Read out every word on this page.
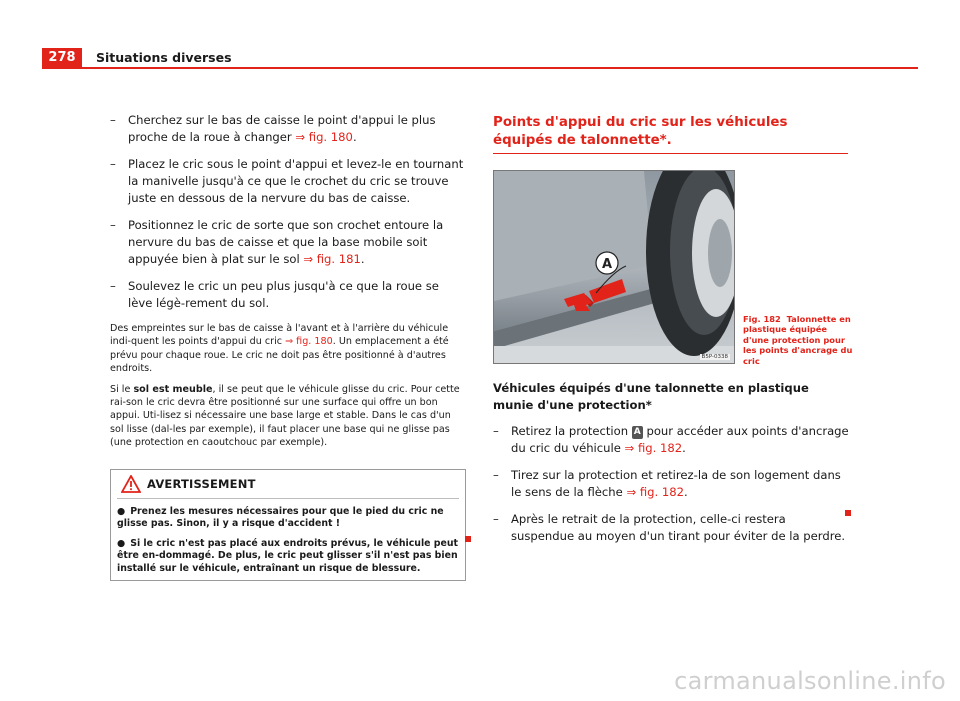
278	Situations diverses
– Cherchez sur le bas de caisse le point d'appui le plus proche de la roue à changer ⇒ fig. 180.
– Placez le cric sous le point d'appui et levez-le en tournant la manivelle jusqu'à ce que le crochet du cric se trouve juste en dessous de la nervure du bas de caisse.
– Positionnez le cric de sorte que son crochet entoure la nervure du bas de caisse et que la base mobile soit appuyée bien à plat sur le sol ⇒ fig. 181.
– Soulevez le cric un peu plus jusqu'à ce que la roue se lève légè-rement du sol.
Des empreintes sur le bas de caisse à l'avant et à l'arrière du véhicule indi-quent les points d'appui du cric ⇒ fig. 180. Un emplacement a été prévu pour chaque roue. Le cric ne doit pas être positionné à d'autres endroits.
Si le sol est meuble, il se peut que le véhicule glisse du cric. Pour cette rai-son le cric devra être positionné sur une surface qui offre un bon appui. Uti-lisez si nécessaire une base large et stable. Dans le cas d'un sol lisse (dal-les par exemple), il faut placer une base qui ne glisse pas (une protection en caoutchouc par exemple).
AVERTISSEMENT
● Prenez les mesures nécessaires pour que le pied du cric ne glisse pas. Sinon, il y a risque d'accident !
● Si le cric n'est pas placé aux endroits prévus, le véhicule peut être en-dommagé. De plus, le cric peut glisser s'il n'est pas bien installé sur le véhicule, entraînant un risque de blessure.
Points d'appui du cric sur les véhicules équipés de talonnette*.
A
B5P-0338
Fig. 182 Talonnette en plastique équipée d'une protection pour les points d'ancrage du cric
Véhicules équipés d'une talonnette en plastique munie d'une protection*
– Retirez la protection A pour accéder aux points d'ancrage du cric du véhicule ⇒ fig. 182.
– Tirez sur la protection et retirez-la de son logement dans le sens de la flèche ⇒ fig. 182.
– Après le retrait de la protection, celle-ci restera suspendue au moyen d'un tirant pour éviter de la perdre.
carmanualsonline.info
